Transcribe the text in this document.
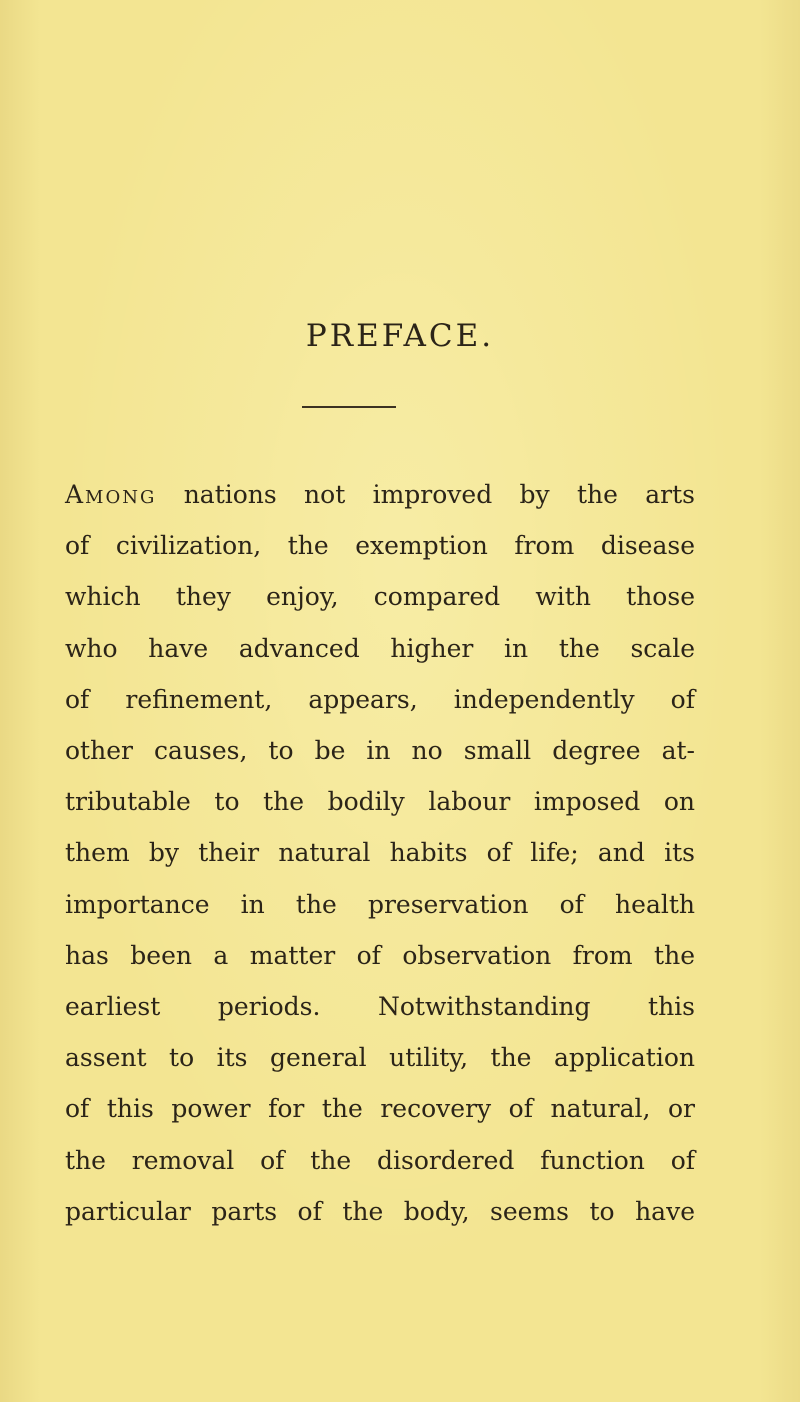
PREFACE.
Among nations not improved by the arts
of civilization, the exemption from disease
which they enjoy, compared with those
who have advanced higher in the scale
of refinement, appears, independently of
other causes, to be in no small degree at-
tributable to the bodily labour imposed on
them by their natural habits of life; and its
importance in the preservation of health
has been a matter of observation from the
earliest periods. Notwithstanding this
assent to its general utility, the application
of this power for the recovery of natural, or
the removal of the disordered function of
particular parts of the body, seems to have
